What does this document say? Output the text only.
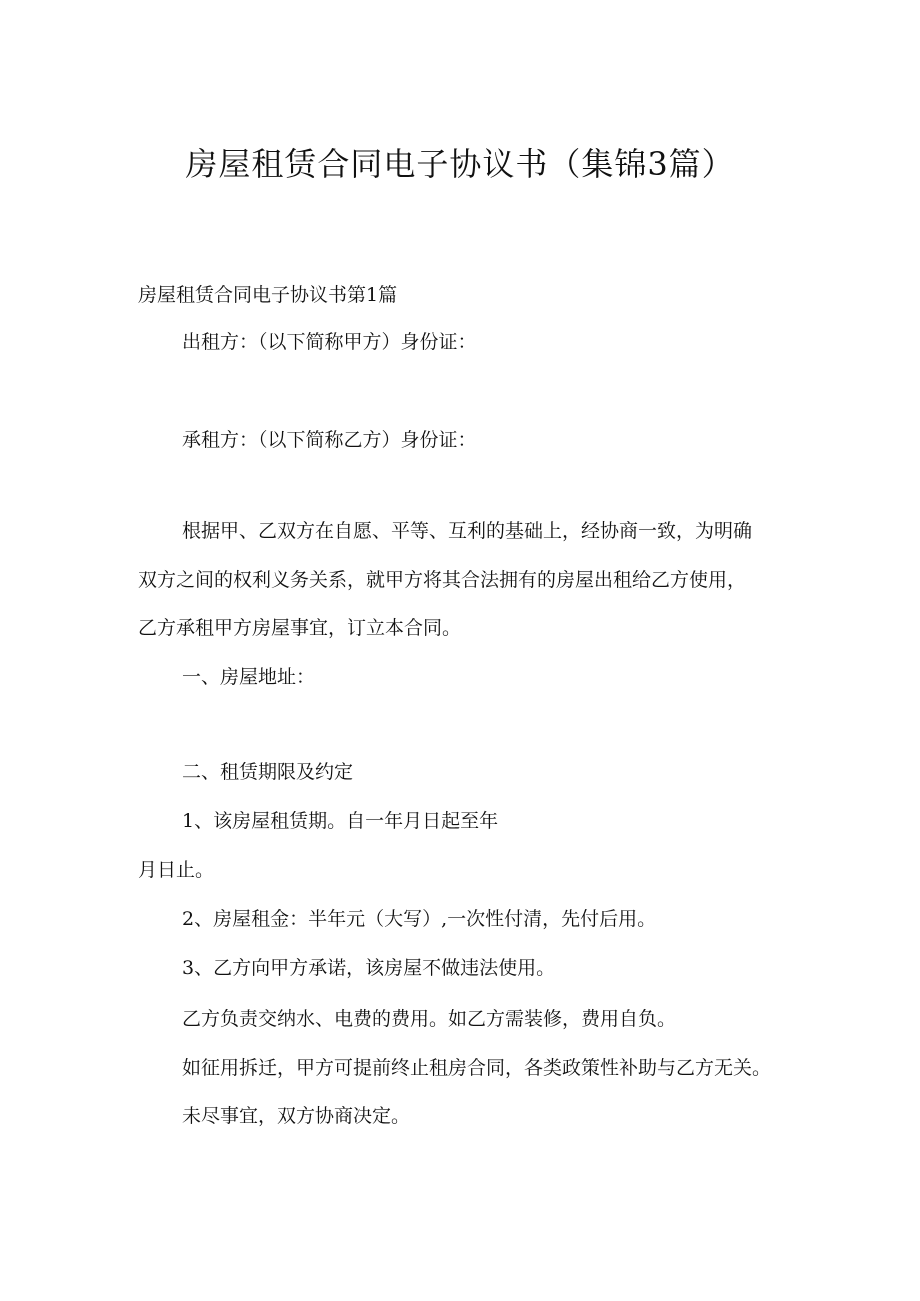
房屋租赁合同电子协议书（集锦3篇）
房屋租赁合同电子协议书第1篇
出租方：（以下简称甲方）身份证：
承租方：（以下简称乙方）身份证：
根据甲、乙双方在自愿、平等、互利的基础上，经协商一致，为明确
双方之间的权利义务关系，就甲方将其合法拥有的房屋出租给乙方使用，
乙方承租甲方房屋事宜，订立本合同。
一、房屋地址：
二、租赁期限及约定
1、该房屋租赁期。自一年月日起至年
月日止。
2、房屋租金：半年元（大写）,一次性付清，先付后用。
3、乙方向甲方承诺，该房屋不做违法使用。
乙方负责交纳水、电费的费用。如乙方需装修，费用自负。
如征用拆迁，甲方可提前终止租房合同，各类政策性补助与乙方无关。
未尽事宜，双方协商决定。
